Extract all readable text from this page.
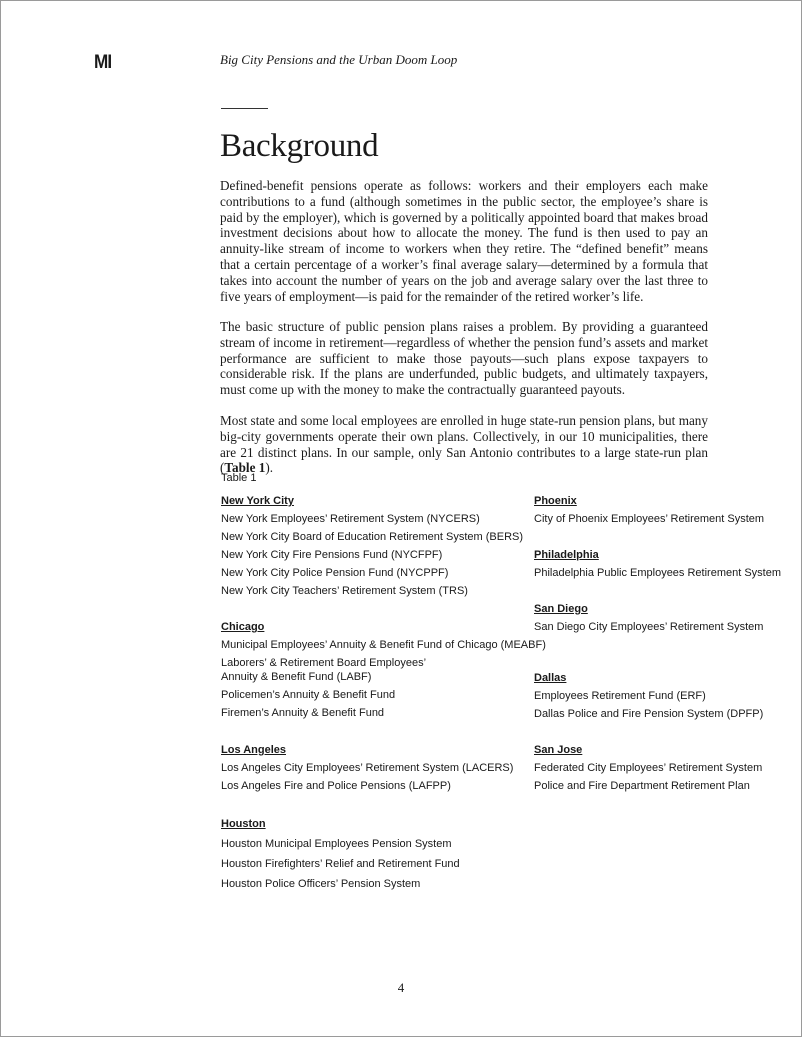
MI	Big City Pensions and the Urban Doom Loop
Background

Defined-benefit pensions operate as follows: workers and their employers each make contributions to a fund (although sometimes in the public sector, the employee’s share is paid by the employer), which is governed by a politically appointed board that makes broad investment decisions about how to allocate the money. The fund is then used to pay an annuity-like stream of income to workers when they retire. The “defined benefit” means that a certain percentage of a worker’s final average salary—determined by a formula that takes into account the number of years on the job and average salary over the last three to five years of employment—is paid for the remainder of the retired worker’s life.

The basic structure of public pension plans raises a problem. By providing a guaranteed stream of income in retirement—regardless of whether the pension fund’s assets and market performance are sufficient to make those payouts—such plans expose taxpayers to considerable risk. If the plans are underfunded, public budgets, and ultimately taxpayers, must come up with the money to make the contractually guaranteed payouts.

Most state and some local employees are enrolled in huge state-run pension plans, but many big-city governments operate their own plans. Collectively, in our 10 municipalities, there are 21 distinct plans. In our sample, only San Antonio contributes to a large state-run plan (Table 1).

Table 1
New York City
New York Employees’ Retirement System (NYCERS)
New York City Board of Education Retirement System (BERS)
New York City Fire Pensions Fund (NYCFPF)
New York City Police Pension Fund (NYCPPF)
New York City Teachers’ Retirement System (TRS)
Chicago
Municipal Employees’ Annuity & Benefit Fund of Chicago (MEABF)
Laborers’ & Retirement Board Employees’
Annuity & Benefit Fund (LABF)
Policemen’s Annuity & Benefit Fund
Firemen’s Annuity & Benefit Fund
Los Angeles
Los Angeles City Employees’ Retirement System (LACERS)
Los Angeles Fire and Police Pensions (LAFPP)
Houston
Houston Municipal Employees Pension System
Houston Firefighters’ Relief and Retirement Fund
Houston Police Officers’ Pension System
Phoenix
City of Phoenix Employees’ Retirement System
Philadelphia
Philadelphia Public Employees Retirement System
San Diego
San Diego City Employees’ Retirement System
Dallas
Employees Retirement Fund (ERF)
Dallas Police and Fire Pension System (DPFP)
San Jose
Federated City Employees’ Retirement System
Police and Fire Department Retirement Plan
4
